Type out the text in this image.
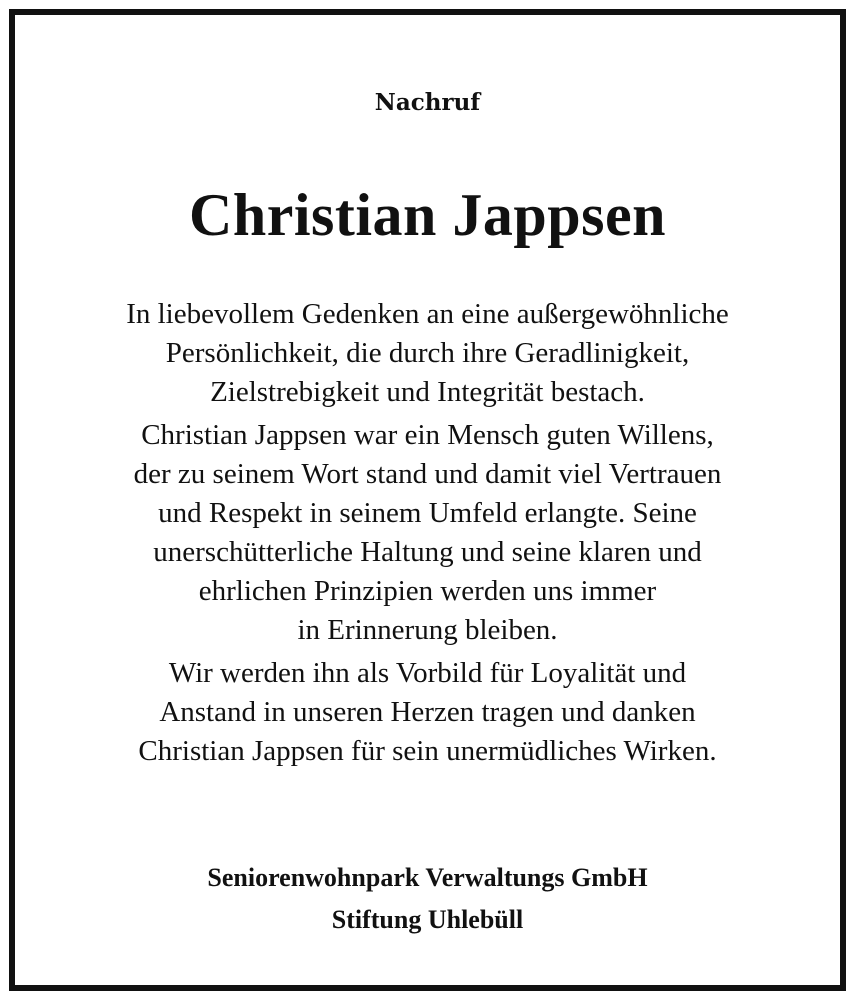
Nachruf
Christian Jappsen

In liebevollem Gedenken an eine außergewöhnliche
Persönlichkeit, die durch ihre Geradlinigkeit,
Zielstrebigkeit und Integrität bestach.

Christian Jappsen war ein Mensch guten Willens,
der zu seinem Wort stand und damit viel Vertrauen
und Respekt in seinem Umfeld erlangte. Seine
unerschütterliche Haltung und seine klaren und
ehrlichen Prinzipien werden uns immer
in Erinnerung bleiben.

Wir werden ihn als Vorbild für Loyalität und
Anstand in unseren Herzen tragen und danken
Christian Jappsen für sein unermüdliches Wirken.

Seniorenwohnpark Verwaltungs GmbH
Stiftung Uhlebüll
